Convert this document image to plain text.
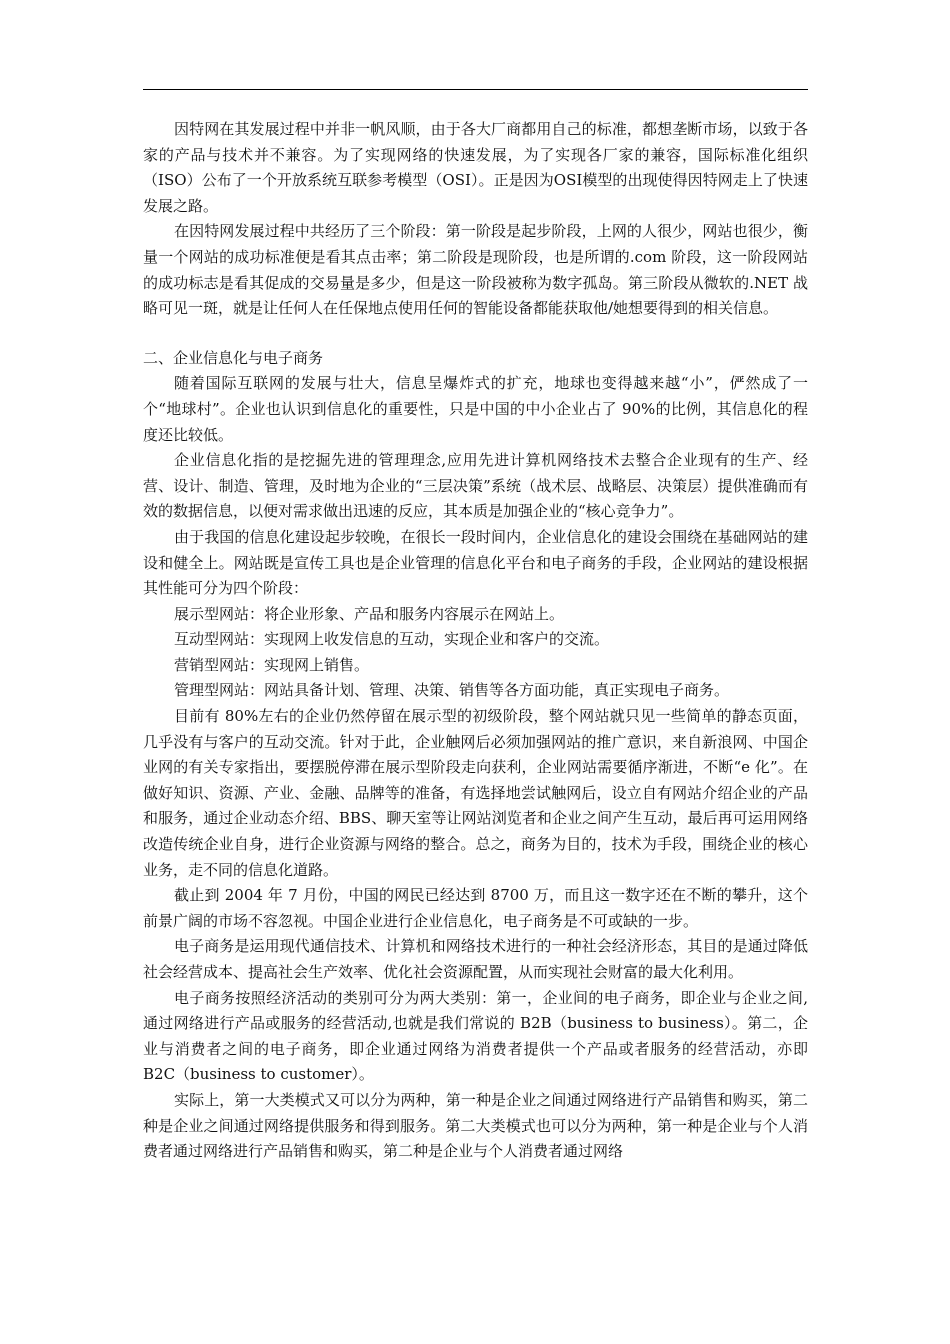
因特网在其发展过程中并非一帆风顺，由于各大厂商都用自己的标准，都想垄断市场，以致于各家的产品与技术并不兼容。为了实现网络的快速发展，为了实现各厂家的兼容，国际标准化组织（ISO）公布了一个开放系统互联参考模型（OSI）。正是因为OSI模型的出现使得因特网走上了快速发展之路。

在因特网发展过程中共经历了三个阶段：第一阶段是起步阶段，上网的人很少，网站也很少，衡量一个网站的成功标准便是看其点击率；第二阶段是现阶段，也是所谓的.com 阶段，这一阶段网站的成功标志是看其促成的交易量是多少，但是这一阶段被称为数字孤岛。第三阶段从微软的.NET 战略可见一斑，就是让任何人在任保地点使用任何的智能设备都能获取他/她想要得到的相关信息。

二、企业信息化与电子商务

随着国际互联网的发展与壮大，信息呈爆炸式的扩充，地球也变得越来越“小”，俨然成了一个“地球村”。企业也认识到信息化的重要性，只是中国的中小企业占了 90%的比例，其信息化的程度还比较低。

企业信息化指的是挖掘先进的管理理念,应用先进计算机网络技术去整合企业现有的生产、经营、设计、制造、管理，及时地为企业的“三层决策”系统（战术层、战略层、决策层）提供准确而有效的数据信息，以便对需求做出迅速的反应，其本质是加强企业的“核心竞争力”。

由于我国的信息化建设起步较晚，在很长一段时间内，企业信息化的建设会围绕在基础网站的建设和健全上。网站既是宣传工具也是企业管理的信息化平台和电子商务的手段，企业网站的建设根据其性能可分为四个阶段：

展示型网站：将企业形象、产品和服务内容展示在网站上。

互动型网站：实现网上收发信息的互动，实现企业和客户的交流。

营销型网站：实现网上销售。

管理型网站：网站具备计划、管理、决策、销售等各方面功能，真正实现电子商务。

目前有 80%左右的企业仍然停留在展示型的初级阶段，整个网站就只见一些简单的静态页面，几乎没有与客户的互动交流。针对于此，企业触网后必须加强网站的推广意识，来自新浪网、中国企业网的有关专家指出，要摆脱停滞在展示型阶段走向获利，企业网站需要循序渐进，不断“e 化”。在做好知识、资源、产业、金融、品牌等的准备，有选择地尝试触网后，设立自有网站介绍企业的产品和服务，通过企业动态介绍、BBS、聊天室等让网站浏览者和企业之间产生互动，最后再可运用网络改造传统企业自身，进行企业资源与网络的整合。总之，商务为目的，技术为手段，围绕企业的核心业务，走不同的信息化道路。

截止到 2004 年 7 月份，中国的网民已经达到 8700 万，而且这一数字还在不断的攀升，这个前景广阔的市场不容忽视。中国企业进行企业信息化，电子商务是不可或缺的一步。

电子商务是运用现代通信技术、计算机和网络技术进行的一种社会经济形态，其目的是通过降低社会经营成本、提高社会生产效率、优化社会资源配置，从而实现社会财富的最大化利用。

电子商务按照经济活动的类别可分为两大类别：第一，企业间的电子商务，即企业与企业之间,通过网络进行产品或服务的经营活动,也就是我们常说的 B2B（business to business）。第二，企业与消费者之间的电子商务，即企业通过网络为消费者提供一个产品或者服务的经营活动，亦即 B2C（business to customer）。

实际上，第一大类模式又可以分为两种，第一种是企业之间通过网络进行产品销售和购买，第二种是企业之间通过网络提供服务和得到服务。第二大类模式也可以分为两种，第一种是企业与个人消费者通过网络进行产品销售和购买，第二种是企业与个人消费者通过网络
